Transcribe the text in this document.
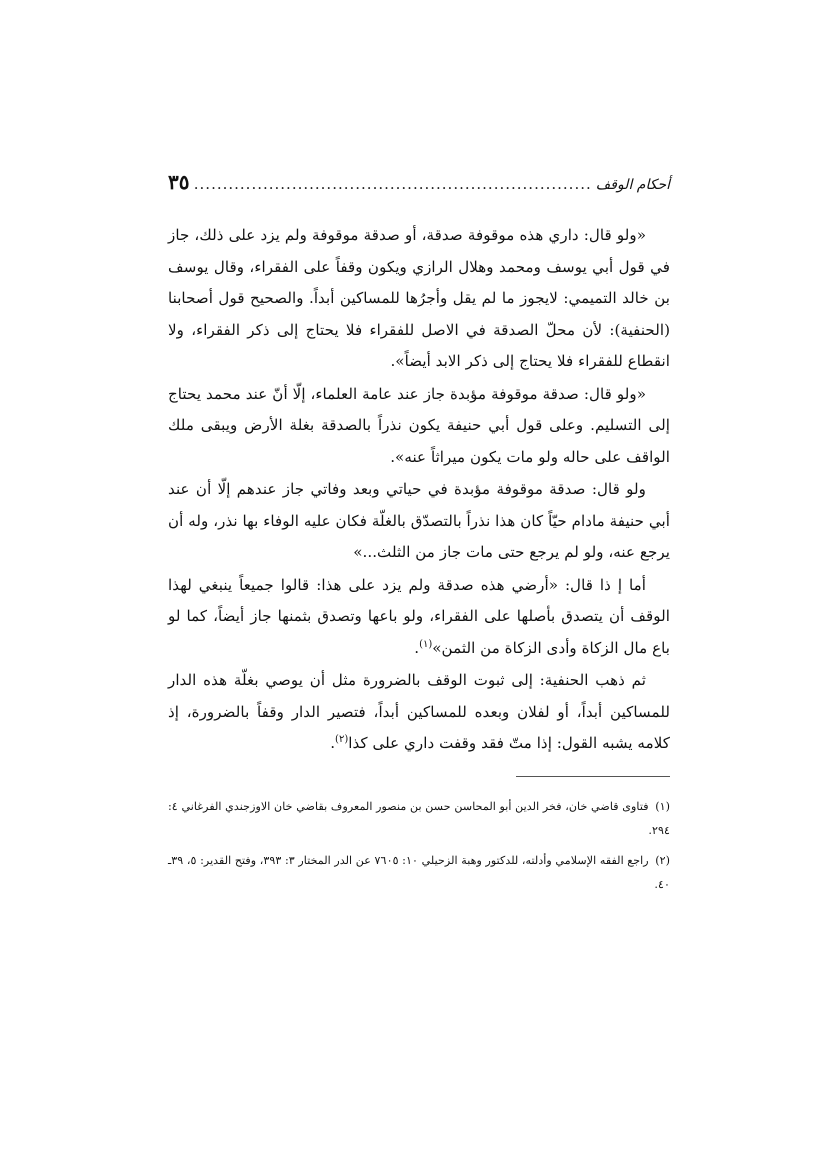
أحكام الوقف
.....
٣٥

«ولو قال: داري هذه موقوفة صدقة، أو صدقة موقوفة ولم يزد على ذلك، جاز في قول أبي يوسف ومحمد وهلال الرازي ويكون وقفاً على الفقراء، وقال يوسف بن خالد التميمي: لايجوز ما لم يقل وأجرُها للمساكين أبداً. والصحيح قول أصحابنا (الحنفية): لأن محلّ الصدقة في الاصل للفقراء فلا يحتاج إلى ذكر الفقراء، ولا انقطاع للفقراء فلا يحتاج إلى ذكر الابد أيضاً».

«ولو قال: صدقة موقوفة مؤبدة جاز عند عامة العلماء، إلّا أنّ عند محمد يحتاج إلى التسليم. وعلى قول أبي حنيفة يكون نذراً بالصدقة بغلة الأرض ويبقى ملك الواقف على حاله ولو مات يكون ميراثاً عنه».

ولو قال: صدقة موقوفة مؤبدة في حياتي وبعد وفاتي جاز عندهم إلّا أن عند أبي حنيفة مادام حيّاً كان هذا نذراً بالتصدّق بالغلّة فكان عليه الوفاء بها نذر، وله أن يرجع عنه، ولو لم يرجع حتى مات جاز من الثلث...»

أما إ ذا قال: «أرضي هذه صدقة ولم يزد على هذا: قالوا جميعاً ينبغي لهذا الوقف أن يتصدق بأصلها على الفقراء، ولو باعها وتصدق بثمنها جاز أيضاً، كما لو باع مال الزكاة وأدى الزكاة من الثمن»$^{(١)}$.

ثم ذهب الحنفية: إلى ثبوت الوقف بالضرورة مثل أن يوصي بغلّة هذه الدار للمساكين أبداً، أو لفلان وبعده للمساكين أبداً، فتصير الدار وقفاً بالضرورة، إذ كلامه يشبه القول: إذا متّ فقد وقفت داري على كذا$^{(٢)}$.

(١) فتاوى قاضي خان، فخر الدين أبو المحاسن حسن بن منصور المعروف بقاضي خان الاوزجندي الفرغاني ٤: ٢٩٤.

(٢) راجع الفقه الإسلامي وأدلته، للدكتور وهبة الزحيلي ١٠: ٧٦٠٥ عن الدر المختار ٣: ٣٩٣، وفتح القدير: ٥، ٣٩ـ ٤٠.
